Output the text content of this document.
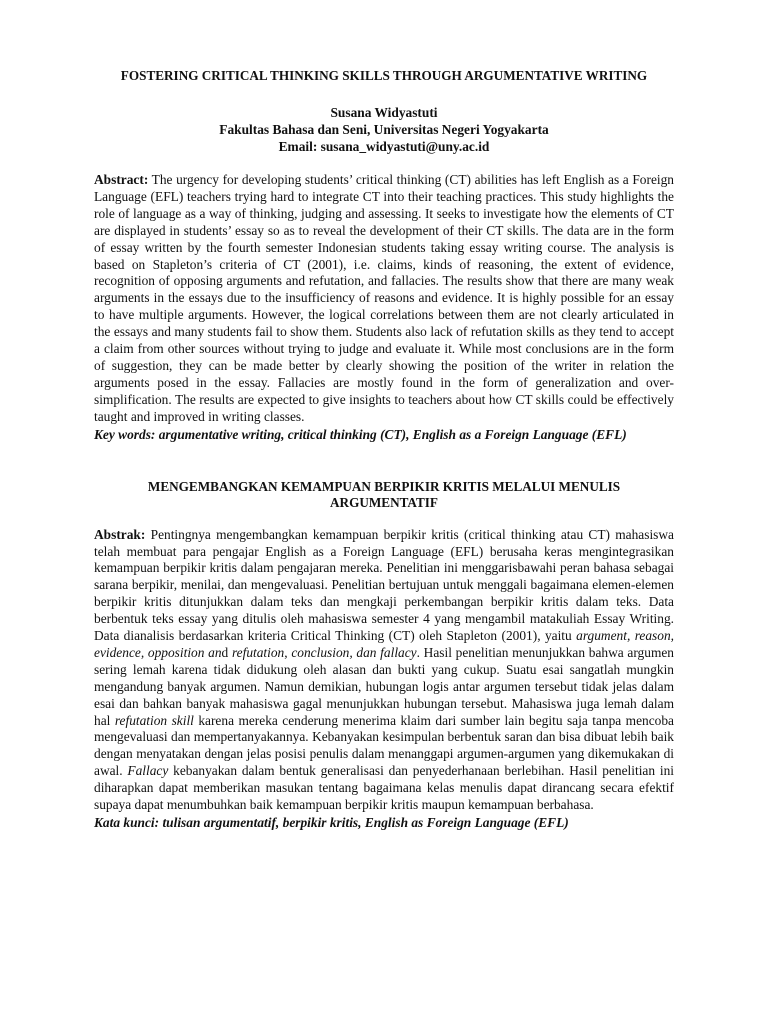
FOSTERING CRITICAL THINKING SKILLS THROUGH ARGUMENTATIVE WRITING
Susana Widyastuti
Fakultas Bahasa dan Seni, Universitas Negeri Yogyakarta
Email: susana_widyastuti@uny.ac.id

Abstract: The urgency for developing students’ critical thinking (CT) abilities has left English as a Foreign Language (EFL) teachers trying hard to integrate CT into their teaching practices. This study highlights the role of language as a way of thinking, judging and assessing. It seeks to investigate how the elements of CT are displayed in students’ essay so as to reveal the development of their CT skills. The data are in the form of essay written by the fourth semester Indonesian students taking essay writing course. The analysis is based on Stapleton’s criteria of CT (2001), i.e. claims, kinds of reasoning, the extent of evidence, recognition of opposing arguments and refutation, and fallacies. The results show that there are many weak arguments in the essays due to the insufficiency of reasons and evidence. It is highly possible for an essay to have multiple arguments. However, the logical correlations between them are not clearly articulated in the essays and many students fail to show them. Students also lack of refutation skills as they tend to accept a claim from other sources without trying to judge and evaluate it. While most conclusions are in the form of suggestion, they can be made better by clearly showing the position of the writer in relation the arguments posed in the essay. Fallacies are mostly found in the form of generalization and over-simplification. The results are expected to give insights to teachers about how CT skills could be effectively taught and improved in writing classes.

Key words: argumentative writing, critical thinking (CT), English as a Foreign Language (EFL)

MENGEMBANGKAN KEMAMPUAN BERPIKIR KRITIS MELALUI MENULIS ARGUMENTATIF

Abstrak: Pentingnya mengembangkan kemampuan berpikir kritis (critical thinking atau CT) mahasiswa telah membuat para pengajar English as a Foreign Language (EFL) berusaha keras mengintegrasikan kemampuan berpikir kritis dalam pengajaran mereka. Penelitian ini menggarisbawahi peran bahasa sebagai sarana berpikir, menilai, dan mengevaluasi. Penelitian bertujuan untuk menggali bagaimana elemen-elemen berpikir kritis ditunjukkan dalam teks dan mengkaji perkembangan berpikir kritis dalam teks. Data berbentuk teks essay yang ditulis oleh mahasiswa semester 4 yang mengambil matakuliah Essay Writing. Data dianalisis berdasarkan kriteria Critical Thinking (CT) oleh Stapleton (2001), yaitu argument, reason, evidence, opposition and refutation, conclusion, dan fallacy. Hasil penelitian menunjukkan bahwa argumen sering lemah karena tidak didukung oleh alasan dan bukti yang cukup. Suatu esai sangatlah mungkin mengandung banyak argumen. Namun demikian, hubungan logis antar argumen tersebut tidak jelas dalam esai dan bahkan banyak mahasiswa gagal menunjukkan hubungan tersebut. Mahasiswa juga lemah dalam hal refutation skill karena mereka cenderung menerima klaim dari sumber lain begitu saja tanpa mencoba mengevaluasi dan mempertanyakannya. Kebanyakan kesimpulan berbentuk saran dan bisa dibuat lebih baik dengan menyatakan dengan jelas posisi penulis dalam menanggapi argumen-argumen yang dikemukakan di awal. Fallacy kebanyakan dalam bentuk generalisasi dan penyederhanaan berlebihan. Hasil penelitian ini diharapkan dapat memberikan masukan tentang bagaimana kelas menulis dapat dirancang secara efektif supaya dapat menumbuhkan baik kemampuan berpikir kritis maupun kemampuan berbahasa.

Kata kunci: tulisan argumentatif, berpikir kritis, English as Foreign Language (EFL)
